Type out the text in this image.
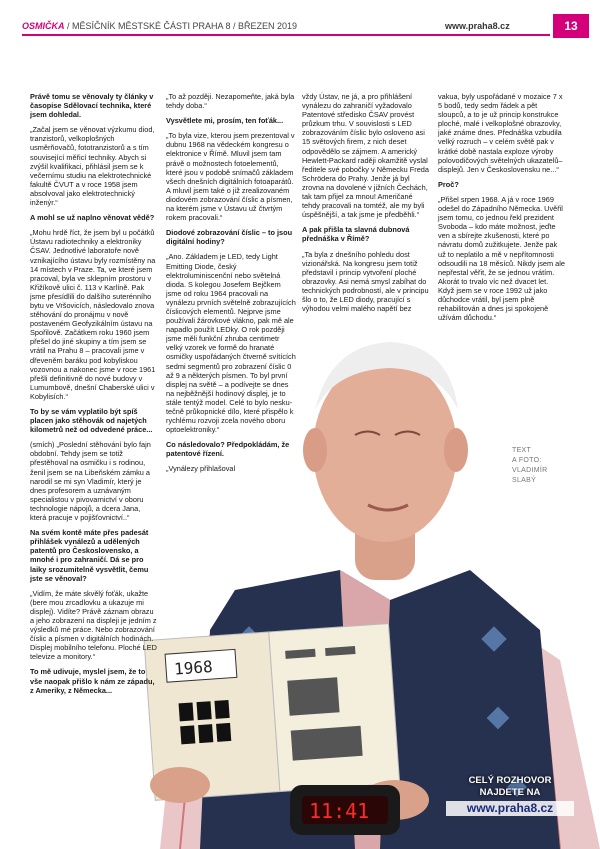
OSMIČKA / MĚSÍČNÍK MĚSTSKÉ ČÁSTI PRAHA 8 / BŘEZEN 2019	www.praha8.cz	13
1968
11:41

Právě tomu se věnovaly ty články v časopise Sdělovací technika, které jsem dohledal.

„Začal jsem se věnovat výzkumu diod, tranzistorů, velkoplošných usměrňovačů, fototranzistorů a s tím související měřicí techniky. Abych si zvýšil kvalifikaci, přihlásil jsem se k večernímu studiu na elektrotechnické fakultě ČVUT a v roce 1958 jsem absolvoval jako elektrotechnický inženýr.“

A mohl se už naplno věnovat vědě?

„Mohu hrdě říct, že jsem byl u počátků Ústavu radiotechniky a elektroniky ČSAV. Jednotlivé laboratoře nově vznikajícího ústavu byly rozmístěny na 14 místech v Praze. Ta, ve které jsem pracoval, byla ve sklepním prostoru v Křižíkově ulici č. 113 v Karlíně. Pak jsme přesídlili do dalšího suterénního bytu ve Vršovicích, následovalo znova stěhování do pronájmu v nově postaveném Geofyzikálním ústavu na Spořilově. Začátkem roku 1960 jsem přešel do jiné skupiny a tím jsem se vrátil na Prahu 8 – pracovali jsme v dřeveněm baráku pod kobyliskou vozovnou a nakonec jsme v roce 1961 přešli definitivně do nové budovy v Lumumbově, dnešní Chaberské ulici v Kobylisích.“

To by se vám vyplatilo být spíš placen jako stěhovák od najetých kilometrů než od odvedené práce...

(smích) „Poslední stěhování bylo fajn obdobní. Tehdy jsem se totiž přestěhoval na osmičku i s rodinou, ženil jsem se na Libeňském zámku a narodil se mi syn Vladimír, který je dnes profesorem a uznávaným specialistou v pivovarnictví v oboru technologie nápojů, a dcera Jana, která pracuje v pojišťovnictví..“

Na svém kontě máte přes padesát přihlášek vynálezů a udělených patentů pro Československo, a mnohé i pro zahraničí. Dá se pro laiky srozumitelně vysvětlit, čemu jste se věnoval?

„Vidím, že máte skvělý foťák, ukažte (bere mou zrcadlovku a ukazuje mi displej). Vidíte? Právě záznam obrazu a jeho zobrazení na displeji je jedním z výsledků mé práce. Nebo zobrazování číslic a písmen v digitálních hodinách. Displej mobilního telefonu. Ploché LED televize a monitory.“

To mě udivuje, myslel jsem, že to vše naopak přišlo k nám ze západu, z Ameriky, z Německa...

„To až později. Nezapomeňte, jaká byla tehdy doba.“

Vysvětlete mi, prosím, ten foťák...

„To byla vize, kterou jsem prezentoval v dubnu 1968 na vědeckém kongresu o elektronice v Římě. Mluvil jsem tam právě o možnostech fotoelementů, které jsou v podobě snímačů základem všech dnešních digitálních fotoaparátů. A mluvil jsem také o již zrealizovaném diodovém zobrazování číslic a písmen, na kterém jsme v Ústavu už čtvrtým rokem pracovali.“

Diodové zobrazování číslic – to jsou digitální hodiny?

„Ano. Základem je LED, tedy Light Emitting Diode, český elektroluminiscenční nebo světelná dioda. S kolegou Josefem Bejčkem jsme od roku 1964 pracovali na vynálezu prvních světelně zobrazujících číslicových elementů. Nejprve jsme používali žárovkové vlákno, pak mě ale napadlo použít LEDky. O rok později jsme měli funkční zhruba centimetr velký vzorek ve formě do hranaté osmičky uspořádaných čtverně svítících sedmi segmentů pro zobrazení číslic 0 až 9 a některých písmen. To byl první displej na světě – a podívejte se dnes na nejběžnější hodinový displej, je to stále tentýž model. Celé to bylo neskutečně průkopnické dílo, které přispělo k rychlému rozvoji zcela nového oboru optoelektroniky.“

Co následovalo? Předpokládám, že patentové řízení.

„Vynálezy přihlašoval

vždy Ústav, ne já, a pro přihlášení vynálezu do zahraničí vyžadovalo Patentové středisko ČSAV provést průzkum trhu. V souvislosti s LED zobrazováním číslic bylo osloveno asi 15 světových firem, z nich deset odpovědělo se zájmem. A americký Hewlett-Packard raději okamžitě vyslal ředitele své pobočky v Německu Freda Schrödera do Prahy. Jenže já byl zrovna na dovolené v jižních Čechách, tak tam přijel za mnou! Američané tehdy pracovali na tomtéž, ale my byli úspěšnější, a tak jsme je předběhli.“

A pak přišla ta slavná dubnová přednáška v Římě?

„Ta byla z dnešního pohledu dost vizionářská. Na kongresu jsem totiž představil i princip vytvoření ploché obrazovky. Asi nemá smysl zabíhat do technických podrobností, ale v principu šlo o to, že LED diody, pracující s výhodou velmi malého napětí bez

vakua, byly uspořádané v mozaice 7 x 5 bodů, tedy sedm řádek a pět sloupců, a to je už princip konstrukce ploché, malé i velkoplošné obrazovky, jaké známe dnes. Přednáška vzbudila velký rozruch – v celém světě pak v krátké době nastala exploze výroby polovodičových světelných ukazatelů–displejů. Jen v Československu ne...“

Proč?

„Přišel srpen 1968. A já v roce 1969 odešel do Západního Německa. Uvěřil jsem tomu, co jednou řekl prezident Svoboda – kdo máte možnost, jeďte ven a sbírejte zkušenosti, které po návratu domů zužitkujete. Jenže pak už to neplatilo a mě v nepřítomnosti odsoudili na 18 měsíců. Nikdy jsem ale nepřestal věřit, že se jednou vrátím. Akorát to trvalo víc než dvacet let. Když jsem se v roce 1992 už jako důchodce vrátil, byl jsem plně rehabilitován a dnes jsi spokojeně užívám důchodu.“

TEXT
A FOTO:
VLADIMÍR
SLABÝ
CELÝ ROZHOVOR
NAJDETE NA
www.praha8.cz
